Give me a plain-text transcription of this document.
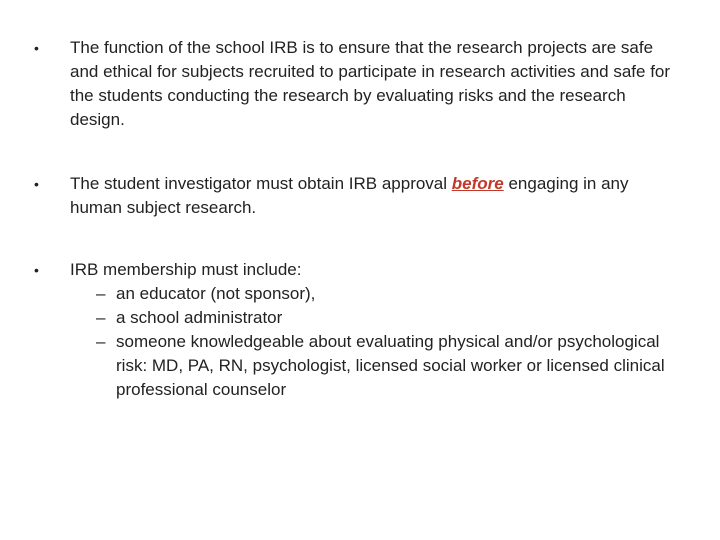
•	The function of the school IRB is to ensure that the research projects are safe and ethical for subjects recruited to participate in research activities and safe for the students conducting the research by evaluating risks and the research design.
•	The student investigator must obtain IRB approval before engaging in any human subject research.
•	IRB membership must include:
– an educator (not sponsor),
– a school administrator
– someone knowledgeable about evaluating physical and/or psychological risk: MD, PA, RN, psychologist, licensed social worker or licensed clinical professional counselor
